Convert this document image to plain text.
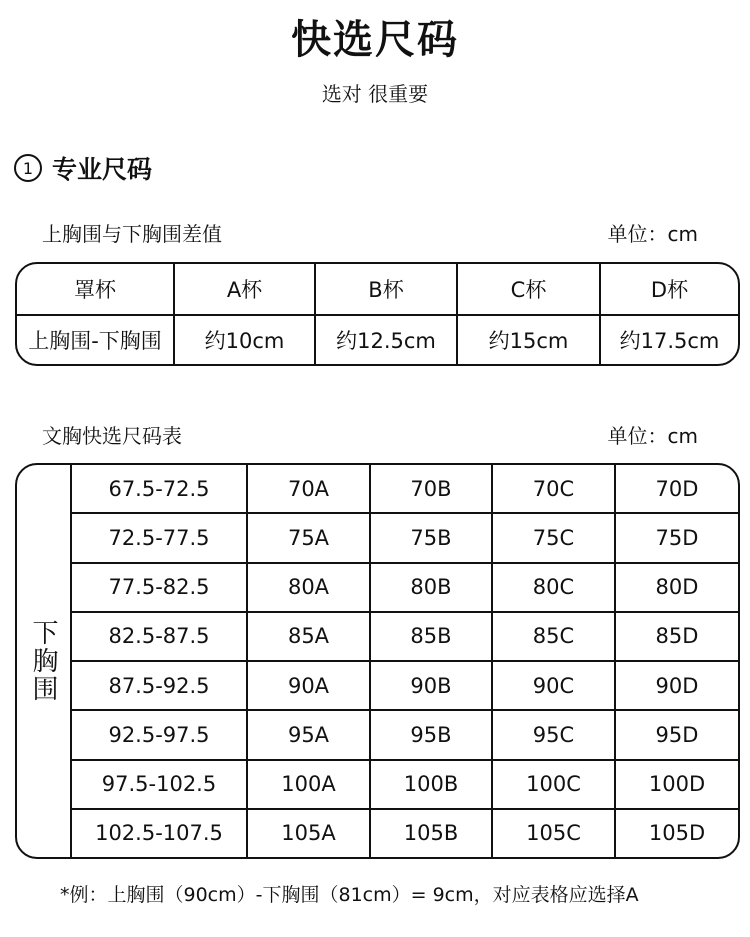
快选尺码
选对 很重要
1 专业尺码
上胸围与下胸围差值	单位：cm
罩杯	A杯	B杯	C杯	D杯
上胸围-下胸围	约10cm	约12.5cm	约15cm	约17.5cm
文胸快选尺码表	单位：cm
下胸围
67.5-72.5	70A	70B	70C	70D
72.5-77.5	75A	75B	75C	75D
77.5-82.5	80A	80B	80C	80D
82.5-87.5	85A	85B	85C	85D
87.5-92.5	90A	90B	90C	90D
92.5-97.5	95A	95B	95C	95D
97.5-102.5	100A	100B	100C	100D
102.5-107.5	105A	105B	105C	105D
*例：上胸围（90cm）-下胸围（81cm）= 9cm，对应表格应选择A
